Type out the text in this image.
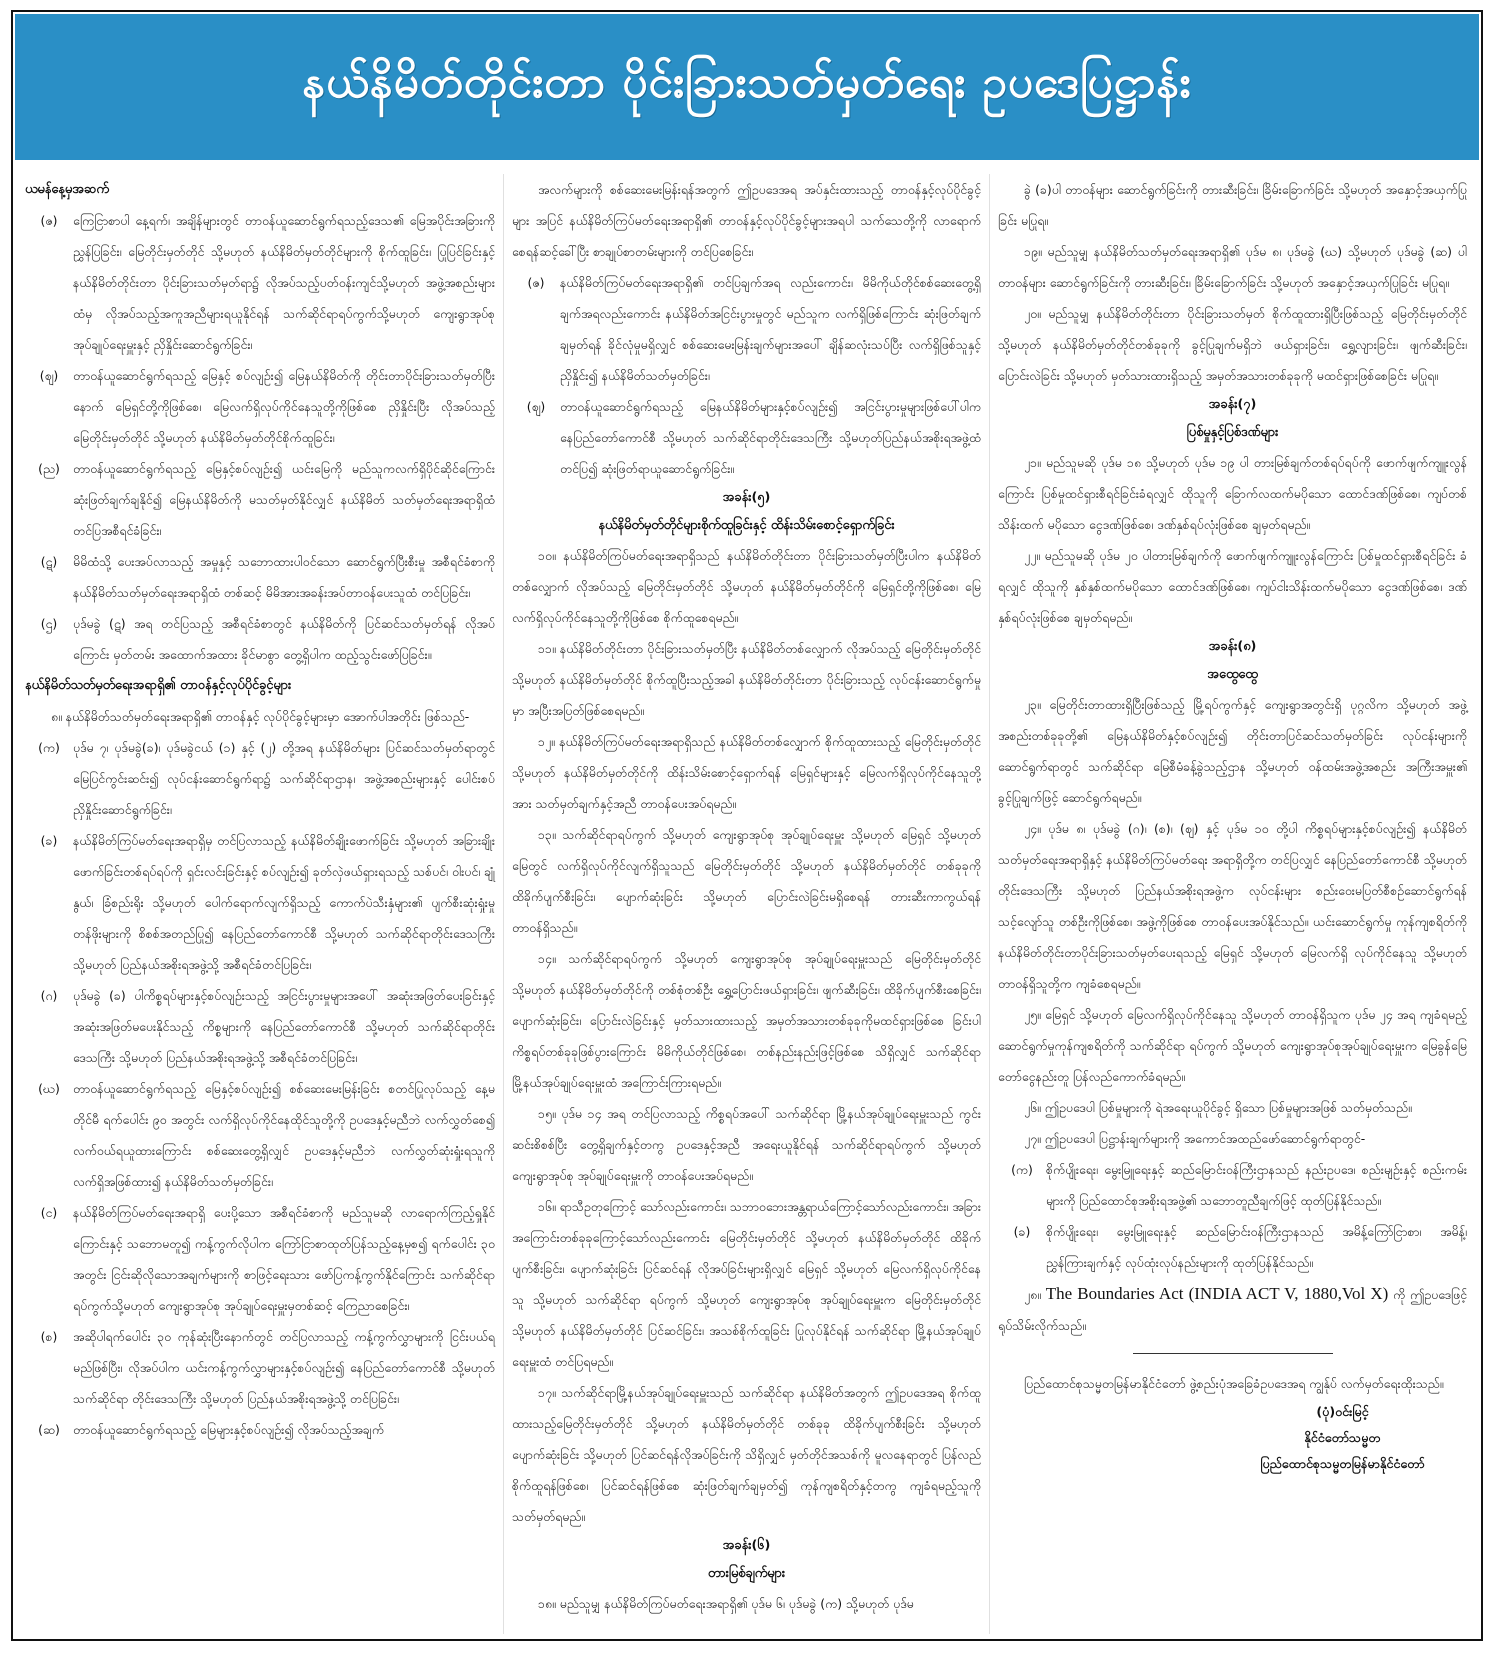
နယ်နိမိတ်တိုင်းတာ ပိုင်းခြားသတ်မှတ်ရေး ဥပဒေပြဋ္ဌာန်း

ယမန်နေ့မှအဆက်

(ဇ)	ကြေငြာစာပါ နေ့ရက်၊ အချိန်များတွင် တာဝန်ယူဆောင်ရွက်ရသည့်ဒေသ၏ မြေအပိုင်းအခြားကို ညွှန်ပြခြင်း၊ မြေတိုင်းမှတ်တိုင် သို့မဟုတ် နယ်နိမိတ်မှတ်တိုင်များကို စိုက်ထူခြင်း၊ ပြုပြင်ခြင်းနှင့် နယ်နိမိတ်တိုင်းတာ ပိုင်းခြားသတ်မှတ်ရာ၌ လိုအပ်သည့်ပတ်ဝန်းကျင်သို့မဟုတ် အဖွဲ့အစည်းများထံမှ လိုအပ်သည့်အကူအညီများရယူနိုင်ရန် သက်ဆိုင်ရာရပ်ကွက်သို့မဟုတ် ကျေးရွာအုပ်စု အုပ်ချုပ်ရေးမှူးနှင့် ညှိနှိုင်းဆောင်ရွက်ခြင်း၊
(ဈ)	တာဝန်ယူဆောင်ရွက်ရသည့် မြေနှင့် စပ်လျဉ်း၍ မြေနယ်နိမိတ်ကို တိုင်းတာပိုင်းခြားသတ်မှတ်ပြီးနောက် မြေရှင်တို့ကိုဖြစ်စေ၊ မြေလက်ရှိလုပ်ကိုင်နေသူတို့ကိုဖြစ်စေ ညှိနှိုင်းပြီး လိုအပ်သည့်မြေတိုင်းမှတ်တိုင် သို့မဟုတ် နယ်နိမိတ်မှတ်တိုင်စိုက်ထူခြင်း၊
(ည)	တာဝန်ယူဆောင်ရွက်ရသည့် မြေနှင့်စပ်လျဉ်း၍ ယင်းမြေကို မည်သူကလက်ရှိပိုင်ဆိုင်ကြောင်း ဆုံးဖြတ်ချက်ချနိုင်၍ မြေနယ်နိမိတ်ကို မသတ်မှတ်နိုင်လျှင် နယ်နိမိတ် သတ်မှတ်ရေးအရာရှိထံ တင်ပြအစီရင်ခံခြင်း၊
(ဋ)	မိမိထံသို့ ပေးအပ်လာသည့် အမှုနှင့် သဘောထားပါဝင်သော ဆောင်ရွက်ပြီးစီးမှု အစီရင်ခံစာကို နယ်နိမိတ်သတ်မှတ်ရေးအရာရှိထံ တစ်ဆင့် မိမိအားအခန်းအပ်တာဝန်ပေးသူထံ တင်ပြခြင်း၊
(ဌ)	ပုဒ်မခွဲ (ဋ) အရ တင်ပြသည့် အစီရင်ခံစာတွင် နယ်နိမိတ်ကို ပြင်ဆင်သတ်မှတ်ရန် လိုအပ်ကြောင်း မှတ်တမ်း အထောက်အထား ခိုင်မာစွာ တွေ့ရှိပါက ထည့်သွင်းဖော်ပြခြင်း။

နယ်နိမိတ်သတ်မှတ်ရေးအရာရှိ၏ တာဝန်နှင့်လုပ်ပိုင်ခွင့်များ

၈။ နယ်နိမိတ်သတ်မှတ်ရေးအရာရှိ၏ တာဝန်နှင့် လုပ်ပိုင်ခွင့်များမှာ အောက်ပါအတိုင်း ဖြစ်သည်-

(က)	ပုဒ်မ ၇၊ ပုဒ်မခွဲ(ခ)၊ ပုဒ်မခွဲငယ် (၁) နှင့် (၂) တို့အရ နယ်နိမိတ်များ ပြင်ဆင်သတ်မှတ်ရာတွင် မြေပြင်ကွင်းဆင်း၍ လုပ်ငန်းဆောင်ရွက်ရာ၌ သက်ဆိုင်ရာဌာန၊ အဖွဲ့အစည်းများနှင့် ပေါင်းစပ်ညှိနှိုင်းဆောင်ရွက်ခြင်း၊
(ခ)	နယ်နိမိတ်ကြပ်မတ်ရေးအရာရှိမှ တင်ပြလာသည့် နယ်နိမိတ်ချိုးဖောက်ခြင်း သို့မဟုတ် အခြားချိုးဖောက်ခြင်းတစ်ရပ်ရပ်ကို ရှင်းလင်းခြင်းနှင့် စပ်လျဉ်း၍ ခုတ်လှဲဖယ်ရှားရသည့် သစ်ပင်၊ ဝါးပင်၊ ချုံနွယ်၊ ခြံစည်းရိုး သို့မဟုတ် ပေါက်ရောက်လျက်ရှိသည့် ကောက်ပဲသီးနှံများ၏ ပျက်စီးဆုံးရှုံးမှုတန်ဖိုးများကို စိစစ်အတည်ပြု၍ နေပြည်တော်ကောင်စီ သို့မဟုတ် သက်ဆိုင်ရာတိုင်းဒေသကြီး သို့မဟုတ် ပြည်နယ်အစိုးရအဖွဲ့သို့ အစီရင်ခံတင်ပြခြင်း၊
(ဂ)	ပုဒ်မခွဲ (ခ) ပါကိစ္စရပ်များနှင့်စပ်လျဉ်းသည့် အငြင်းပွားမှုများအပေါ် အဆုံးအဖြတ်ပေးခြင်းနှင့် အဆုံးအဖြတ်မပေးနိုင်သည့် ကိစ္စများကို နေပြည်တော်ကောင်စီ သို့မဟုတ် သက်ဆိုင်ရာတိုင်းဒေသကြီး သို့မဟုတ် ပြည်နယ်အစိုးရအဖွဲ့သို့ အစီရင်ခံတင်ပြခြင်း၊
(ဃ)	တာဝန်ယူဆောင်ရွက်ရသည့် မြေနှင့်စပ်လျဉ်း၍ စစ်ဆေးမေးမြန်းခြင်း စတင်ပြုလုပ်သည့် နေ့မတိုင်မီ ရက်ပေါင်း ၉၀ အတွင်း လက်ရှိလုပ်ကိုင်နေထိုင်သူတို့ကို ဥပဒေနှင့်မညီဘဲ လက်လွှတ်စေ၍ လက်ဝယ်ရယူထားကြောင်း စစ်ဆေးတွေ့ရှိလျှင် ဥပဒေနှင့်မညီဘဲ လက်လွှတ်ဆုံးရှုံးရသူကို လက်ရှိအဖြစ်ထား၍ နယ်နိမိတ်သတ်မှတ်ခြင်း၊
(င)	နယ်နိမိတ်ကြပ်မတ်ရေးအရာရှိ ပေးပို့သော အစီရင်ခံစာကို မည်သူမဆို လာရောက်ကြည့်ရှုနိုင်ကြောင်းနှင့် သဘောမတူ၍ ကန့်ကွက်လိုပါက ကြော်ငြာစာထုတ်ပြန်သည့်နေ့မှစ၍ ရက်ပေါင်း ၃၀ အတွင်း ငြင်းဆိုလိုသောအချက်များကို စာဖြင့်ရေးသား ဖော်ပြကန့်ကွက်နိုင်ကြောင်း သက်ဆိုင်ရာရပ်ကွက်သို့မဟုတ် ကျေးရွာအုပ်စု အုပ်ချုပ်ရေးမှူးမှတစ်ဆင့် ကြေညာစေခြင်း၊
(စ)	အဆိုပါရက်ပေါင်း ၃၀ ကုန်ဆုံးပြီးနောက်တွင် တင်ပြလာသည့် ကန့်ကွက်လွှာများကို ငြင်းပယ်ရမည်ဖြစ်ပြီး၊ လိုအပ်ပါက ယင်းကန့်ကွက်လွှာများနှင့်စပ်လျဉ်း၍ နေပြည်တော်ကောင်စီ သို့မဟုတ် သက်ဆိုင်ရာ တိုင်းဒေသကြီး သို့မဟုတ် ပြည်နယ်အစိုးရအဖွဲ့သို့ တင်ပြခြင်း၊
(ဆ)	တာဝန်ယူဆောင်ရွက်ရသည့် မြေများနှင့်စပ်လျဉ်း၍ လိုအပ်သည့်အချက်

အလက်များကို စစ်ဆေးမေးမြန်းရန်အတွက် ဤဥပဒေအရ အပ်နှင်းထားသည့် တာဝန်နှင့်လုပ်ပိုင်ခွင့်များ အပြင် နယ်နိမိတ်ကြပ်မတ်ရေးအရာရှိ၏ တာဝန်နှင့်လုပ်ပိုင်ခွင့်များအရပါ သက်သေတို့ကို လာရောက်စေရန်ဆင့်ခေါ်ပြီး စာချုပ်စာတမ်းများကို တင်ပြစေခြင်း၊

(ဇ)	နယ်နိမိတ်ကြပ်မတ်ရေးအရာရှိ၏ တင်ပြချက်အရ လည်းကောင်း၊ မိမိကိုယ်တိုင်စစ်ဆေးတွေ့ရှိချက်အရလည်းကောင်း နယ်နိမိတ်အငြင်းပွားမှုတွင် မည်သူက လက်ရှိဖြစ်ကြောင်း ဆုံးဖြတ်ချက်ချမှတ်ရန် ခိုင်လုံမှုမရှိလျှင် စစ်ဆေးမေးမြန်းချက်များအပေါ် ချိန်ဆလုံးသပ်ပြီး လက်ရှိဖြစ်သူနှင့် ညှိနှိုင်း၍ နယ်နိမိတ်သတ်မှတ်ခြင်း၊
(ဈ)	တာဝန်ယူဆောင်ရွက်ရသည့် မြေနယ်နိမိတ်များနှင့်စပ်လျဉ်း၍ အငြင်းပွားမှုများဖြစ်ပေါ်ပါက နေပြည်တော်ကောင်စီ သို့မဟုတ် သက်ဆိုင်ရာတိုင်းဒေသကြီး သို့မဟုတ်ပြည်နယ်အစိုးရအဖွဲ့ထံ တင်ပြ၍ ဆုံးဖြတ်ရာယူဆောင်ရွက်ခြင်း။

အခန်း(၅)

နယ်နိမိတ်မှတ်တိုင်များစိုက်ထူခြင်းနှင့် ထိန်းသိမ်းစောင့်ရှောက်ခြင်း

၁၀။ နယ်နိမိတ်ကြပ်မတ်ရေးအရာရှိသည် နယ်နိမိတ်တိုင်းတာ ပိုင်းခြားသတ်မှတ်ပြီးပါက နယ်နိမိတ်တစ်လျှောက် လိုအပ်သည့် မြေတိုင်းမှတ်တိုင် သို့မဟုတ် နယ်နိမိတ်မှတ်တိုင်ကို မြေရှင်တို့ကိုဖြစ်စေ၊ မြေလက်ရှိလုပ်ကိုင်နေသူတို့ကိုဖြစ်စေ စိုက်ထူစေရမည်။

၁၁။ နယ်နိမိတ်တိုင်းတာ ပိုင်းခြားသတ်မှတ်ပြီး နယ်နိမိတ်တစ်လျှောက် လိုအပ်သည့် မြေတိုင်းမှတ်တိုင် သို့မဟုတ် နယ်နိမိတ်မှတ်တိုင် စိုက်ထူပြီးသည့်အခါ နယ်နိမိတ်တိုင်းတာ ပိုင်းခြားသည့် လုပ်ငန်းဆောင်ရွက်မှုမှာ အပြီးအပြတ်ဖြစ်စေရမည်။

၁၂။ နယ်နိမိတ်ကြပ်မတ်ရေးအရာရှိသည် နယ်နိမိတ်တစ်လျှောက် စိုက်ထူထားသည့် မြေတိုင်းမှတ်တိုင် သို့မဟုတ် နယ်နိမိတ်မှတ်တိုင်ကို ထိန်းသိမ်းစောင့်ရှောက်ရန် မြေရှင်များနှင့် မြေလက်ရှိလုပ်ကိုင်နေသူတို့အား သတ်မှတ်ချက်နှင့်အညီ တာဝန်ပေးအပ်ရမည်။

၁၃။ သက်ဆိုင်ရာရပ်ကွက် သို့မဟုတ် ကျေးရွာအုပ်စု အုပ်ချုပ်ရေးမှူး သို့မဟုတ် မြေရှင် သို့မဟုတ် မြေတွင် လက်ရှိလုပ်ကိုင်လျက်ရှိသူသည် မြေတိုင်းမှတ်တိုင် သို့မဟုတ် နယ်နိမိတ်မှတ်တိုင် တစ်ခုခုကိုထိခိုက်ပျက်စီးခြင်း၊ ပျောက်ဆုံးခြင်း သို့မဟုတ် ပြောင်းလဲခြင်းမရှိစေရန် တားဆီးကာကွယ်ရန် တာဝန်ရှိသည်။

၁၄။ သက်ဆိုင်ရာရပ်ကွက် သို့မဟုတ် ကျေးရွာအုပ်စု အုပ်ချုပ်ရေးမှူးသည် မြေတိုင်းမှတ်တိုင် သို့မဟုတ် နယ်နိမိတ်မှတ်တိုင်ကို တစ်စုံတစ်ဦး ရွှေ့ပြောင်းဖယ်ရှားခြင်း၊ ဖျက်ဆီးခြင်း၊ ထိခိုက်ပျက်စီးစေခြင်း၊ ပျောက်ဆုံးခြင်း၊ ပြောင်းလဲခြင်းနှင့် မှတ်သားထားသည့် အမှတ်အသားတစ်ခုခုကိုမထင်ရှားဖြစ်စေ ခြင်းပါ ကိစ္စရပ်တစ်ခုခုဖြစ်ပွားကြောင်း မိမိကိုယ်တိုင်ဖြစ်စေ၊ တစ်နည်းနည်းဖြင့်ဖြစ်စေ သိရှိလျှင် သက်ဆိုင်ရာ မြို့နယ်အုပ်ချုပ်ရေးမှူးထံ အကြောင်းကြားရမည်။

၁၅။ ပုဒ်မ ၁၄ အရ တင်ပြလာသည့် ကိစ္စရပ်အပေါ် သက်ဆိုင်ရာ မြို့နယ်အုပ်ချုပ်ရေးမှူးသည် ကွင်းဆင်းစိစစ်ပြီး တွေ့ရှိချက်နှင့်တကွ ဥပဒေနှင့်အညီ အရေးယူနိုင်ရန် သက်ဆိုင်ရာရပ်ကွက် သို့မဟုတ် ကျေးရွာအုပ်စု အုပ်ချုပ်ရေးမှူးကို တာဝန်ပေးအပ်ရမည်။

၁၆။ ရာသီဥတုကြောင့် သော်လည်းကောင်း၊ သဘာဝဘေးအန္တရာယ်ကြောင့်သော်လည်းကောင်း၊ အခြားအကြောင်းတစ်ခုခုကြောင့်သော်လည်းကောင်း မြေတိုင်းမှတ်တိုင် သို့မဟုတ် နယ်နိမိတ်မှတ်တိုင် ထိခိုက်ပျက်စီးခြင်း၊ ပျောက်ဆုံးခြင်း ပြင်ဆင်ရန် လိုအပ်ခြင်းများရှိလျှင် မြေရှင် သို့မဟုတ် မြေလက်ရှိလုပ်ကိုင်နေသူ သို့မဟုတ် သက်ဆိုင်ရာ ရပ်ကွက် သို့မဟုတ် ကျေးရွာအုပ်စု အုပ်ချုပ်ရေးမှူးက မြေတိုင်းမှတ်တိုင် သို့မဟုတ် နယ်နိမိတ်မှတ်တိုင် ပြင်ဆင်ခြင်း၊ အသစ်စိုက်ထူခြင်း ပြုလုပ်နိုင်ရန် သက်ဆိုင်ရာ မြို့နယ်အုပ်ချုပ်ရေးမှူးထံ တင်ပြရမည်။

၁၇။ သက်ဆိုင်ရာမြို့နယ်အုပ်ချုပ်ရေးမှူးသည် သက်ဆိုင်ရာ နယ်နိမိတ်အတွက် ဤဥပဒေအရ စိုက်ထူထားသည့်မြေတိုင်းမှတ်တိုင် သို့မဟုတ် နယ်နိမိတ်မှတ်တိုင် တစ်ခုခု ထိခိုက်ပျက်စီးခြင်း သို့မဟုတ် ပျောက်ဆုံးခြင်း သို့မဟုတ် ပြင်ဆင်ရန်လိုအပ်ခြင်းကို သိရှိလျှင် မှတ်တိုင်အသစ်ကို မူလနေရာတွင် ပြန်လည်စိုက်ထူရန်ဖြစ်စေ၊ ပြင်ဆင်ရန်ဖြစ်စေ ဆုံးဖြတ်ချက်ချမှတ်၍ ကုန်ကျစရိတ်နှင့်တကွ ကျခံရမည့်သူကို သတ်မှတ်ရမည်။

အခန်း(၆)

တားမြစ်ချက်များ

၁၈။ မည်သူမျှ နယ်နိမိတ်ကြပ်မတ်ရေးအရာရှိ၏ ပုဒ်မ ၆၊ ပုဒ်မခွဲ (က) သို့မဟုတ် ပုဒ်မ

ခွဲ (ခ)ပါ တာဝန်များ ဆောင်ရွက်ခြင်းကို တားဆီးခြင်း၊ ခြိမ်းခြောက်ခြင်း သို့မဟုတ် အနှောင့်အယှက်ပြုခြင်း မပြုရ။

၁၉။ မည်သူမျှ နယ်နိမိတ်သတ်မှတ်ရေးအရာရှိ၏ ပုဒ်မ ၈၊ ပုဒ်မခွဲ (ဃ) သို့မဟုတ် ပုဒ်မခွဲ (ဆ) ပါ တာဝန်များ ဆောင်ရွက်ခြင်းကို တားဆီးခြင်း၊ ခြိမ်းခြောက်ခြင်း သို့မဟုတ် အနှောင့်အယှက်ပြုခြင်း မပြုရ။

၂၀။ မည်သူမျှ နယ်နိမိတ်တိုင်းတာ ပိုင်းခြားသတ်မှတ် စိုက်ထူထားရှိပြီးဖြစ်သည့် မြေတိုင်းမှတ်တိုင် သို့မဟုတ် နယ်နိမိတ်မှတ်တိုင်တစ်ခုခုကို ခွင့်ပြုချက်မရှိဘဲ ဖယ်ရှားခြင်း၊ ရွှေ့လျားခြင်း၊ ဖျက်ဆီးခြင်း၊ ပြောင်းလဲခြင်း သို့မဟုတ် မှတ်သားထားရှိသည့် အမှတ်အသားတစ်ခုခုကို မထင်ရှားဖြစ်စေခြင်း မပြုရ။

အခန်း(၇)

ပြစ်မှုနှင့်ပြစ်ဒဏ်များ

၂၁။ မည်သူမဆို ပုဒ်မ ၁၈ သို့မဟုတ် ပုဒ်မ ၁၉ ပါ တားမြစ်ချက်တစ်ရပ်ရပ်ကို ဖောက်ဖျက်ကျူးလွန်ကြောင်း ပြစ်မှုထင်ရှားစီရင်ခြင်းခံရလျှင် ထိုသူကို ခြောက်လထက်မပိုသော ထောင်ဒဏ်ဖြစ်စေ၊ ကျပ်တစ်သိန်းထက် မပိုသော ငွေဒဏ်ဖြစ်စေ၊ ဒဏ်နှစ်ရပ်လုံးဖြစ်စေ ချမှတ်ရမည်။

၂၂။ မည်သူမဆို ပုဒ်မ ၂၀ ပါတားမြစ်ချက်ကို ဖောက်ဖျက်ကျူးလွန်ကြောင်း ပြစ်မှုထင်ရှားစီရင်ခြင်း ခံရလျှင် ထိုသူကို နှစ်နှစ်ထက်မပိုသော ထောင်ဒဏ်ဖြစ်စေ၊ ကျပ်ငါးသိန်းထက်မပိုသော ငွေဒဏ်ဖြစ်စေ၊ ဒဏ်နှစ်ရပ်လုံးဖြစ်စေ ချမှတ်ရမည်။

အခန်း(၈)

အထွေထွေ

၂၃။ မြေတိုင်းတာထားရှိပြီးဖြစ်သည့် မြို့ရပ်ကွက်နှင့် ကျေးရွာအတွင်းရှိ ပုဂ္ဂလိက သို့မဟုတ် အဖွဲ့အစည်းတစ်ခုခုတို့၏ မြေနယ်နိမိတ်နှင့်စပ်လျဉ်း၍ တိုင်းတာပြင်ဆင်သတ်မှတ်ခြင်း လုပ်ငန်းများကို ဆောင်ရွက်ရာတွင် သက်ဆိုင်ရာ မြေစီမံခန့်ခွဲသည့်ဌာန သို့မဟုတ် ဝန်ထမ်းအဖွဲ့အစည်း အကြီးအမှူး၏ ခွင့်ပြုချက်ဖြင့် ဆောင်ရွက်ရမည်။

၂၄။ ပုဒ်မ ၈၊ ပုဒ်မခွဲ (ဂ)၊ (စ)၊ (ဈ) နှင့် ပုဒ်မ ၁၀ တို့ပါ ကိစ္စရပ်များနှင့်စပ်လျဉ်း၍ နယ်နိမိတ်သတ်မှတ်ရေးအရာရှိနှင့် နယ်နိမိတ်ကြပ်မတ်ရေး အရာရှိတို့က တင်ပြလျှင် နေပြည်တော်ကောင်စီ သို့မဟုတ် တိုင်းဒေသကြီး သို့မဟုတ် ပြည်နယ်အစိုးရအဖွဲ့က လုပ်ငန်းများ စည်းဝေးမပြတ်စီစဉ်ဆောင်ရွက်ရန် သင့်လျော်သူ တစ်ဦးကိုဖြစ်စေ၊ အဖွဲ့ကိုဖြစ်စေ တာဝန်ပေးအပ်နိုင်သည်။ ယင်းဆောင်ရွက်မှု ကုန်ကျစရိတ်ကို နယ်နိမိတ်တိုင်းတာပိုင်းခြားသတ်မှတ်ပေးရသည့် မြေရှင် သို့မဟုတ် မြေလက်ရှိ လုပ်ကိုင်နေသူ သို့မဟုတ် တာဝန်ရှိသူတို့က ကျခံစေရမည်။

၂၅။ မြေရှင် သို့မဟုတ် မြေလက်ရှိလုပ်ကိုင်နေသူ သို့မဟုတ် တာဝန်ရှိသူက ပုဒ်မ ၂၄ အရ ကျခံရမည့် ဆောင်ရွက်မှုကုန်ကျစရိတ်ကို သက်ဆိုင်ရာ ရပ်ကွက် သို့မဟုတ် ကျေးရွာအုပ်စုအုပ်ချုပ်ရေးမှူးက မြေခွန်မြေတော်ငွေနည်းတူ ပြန်လည်ကောက်ခံရမည်။

၂၆။ ဤဥပဒေပါ ပြစ်မှုများကို ရဲအရေးယူပိုင်ခွင့် ရှိသော ပြစ်မှုများအဖြစ် သတ်မှတ်သည်။

၂၇။ ဤဥပဒေပါ ပြဋ္ဌာန်းချက်များကို အကောင်အထည်ဖော်ဆောင်ရွက်ရာတွင်-

(က)	စိုက်ပျိုးရေး၊ မွေးမြူရေးနှင့် ဆည်မြောင်းဝန်ကြီးဌာနသည် နည်းဥပဒေ၊ စည်းမျဉ်းနှင့် စည်းကမ်းများကို ပြည်ထောင်စုအစိုးရအဖွဲ့၏ သဘောတူညီချက်ဖြင့် ထုတ်ပြန်နိုင်သည်။
(ခ)	စိုက်ပျိုးရေး၊ မွေးမြူရေးနှင့် ဆည်မြောင်းဝန်ကြီးဌာနသည် အမိန့်ကြော်ငြာစာ၊ အမိန့်၊ ညွှန်ကြားချက်နှင့် လုပ်ထုံးလုပ်နည်းများကို ထုတ်ပြန်နိုင်သည်။

၂၈။ The Boundaries Act (INDIA ACT V, 1880,Vol X) ကို ဤဥပဒေဖြင့် ရုပ်သိမ်းလိုက်သည်။

ပြည်ထောင်စုသမ္မတမြန်မာနိုင်ငံတော် ဖွဲ့စည်းပုံအခြေခံဥပဒေအရ ကျွန်ုပ် လက်မှတ်ရေးထိုးသည်။

(ပုံ)ဝင်းမြင့်

နိုင်ငံတော်သမ္မတ

ပြည်ထောင်စုသမ္မတမြန်မာနိုင်ငံတော်
